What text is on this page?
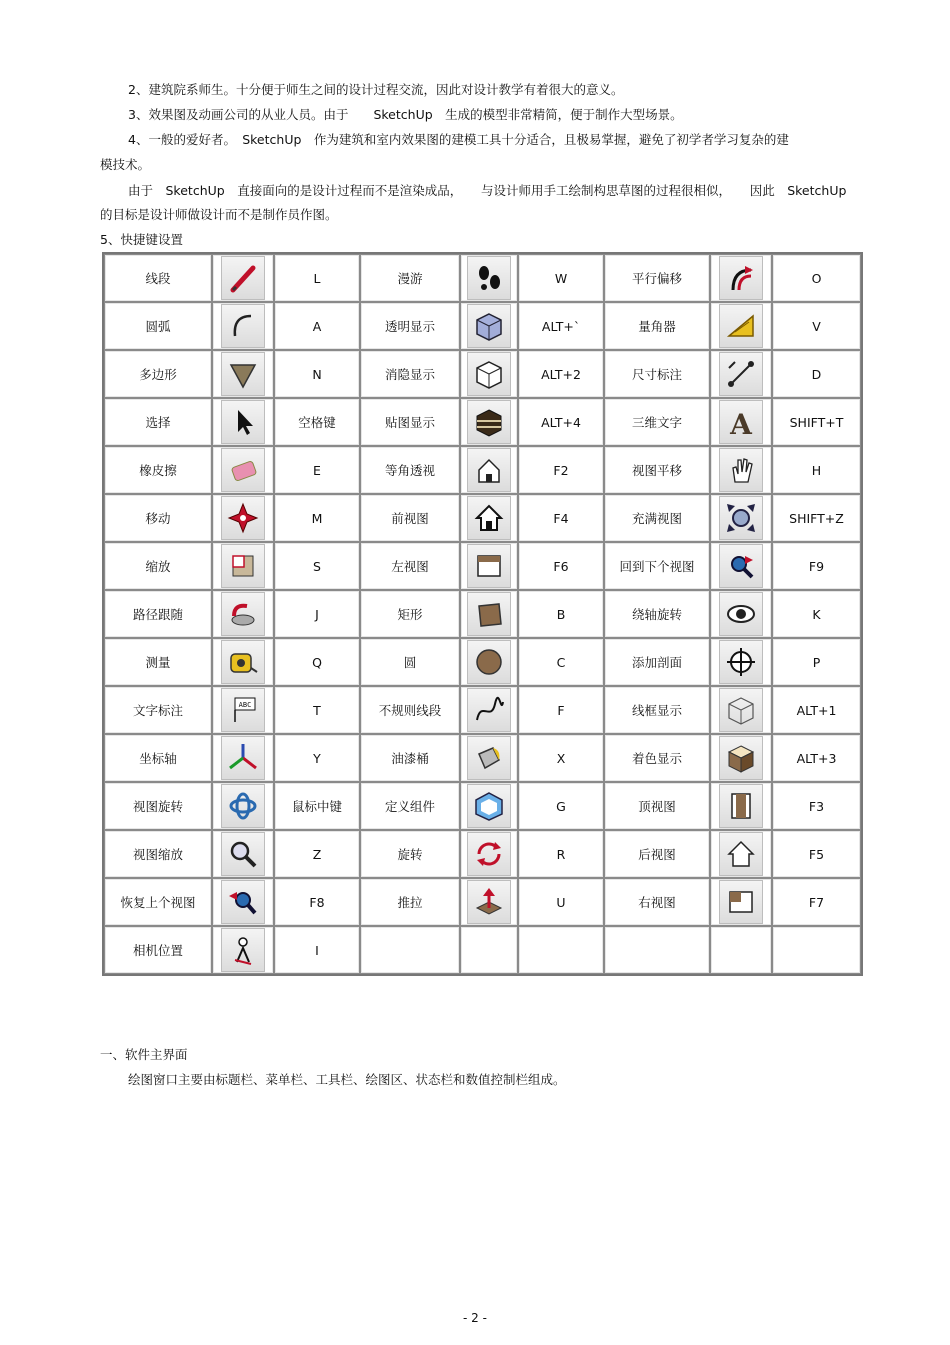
2、建筑院系师生。十分便于师生之间的设计过程交流，因此对设计教学有着很大的意义。
3、效果图及动画公司的从业人员。由于　　SketchUp　生成的模型非常精简，便于制作大型场景。
4、一般的爱好者。　SketchUp　作为建筑和室内效果图的建模工具十分适合，且极易掌握，避免了初学者学习复杂的建
模技术。
由于　SketchUp　直接面向的是设计过程而不是渲染成品，　　与设计师用手工绘制构思草图的过程很相似，　　因此　SketchUp
的目标是设计师做设计而不是制作员作图。
5、快捷键设置
线段		L	漫游		W	平行偏移		O
圆弧		A	透明显示		ALT+`	量角器		V
多边形		N	消隐显示		ALT+2	尺寸标注		D
选择		空格键	贴图显示		ALT+4	三维文字	A	SHIFT+T
橡皮擦		E	等角透视		F2	视图平移		H
移动		M	前视图		F4	充满视图		SHIFT+Z
缩放		S	左视图		F6	回到下个视图		F9
路径跟随		J	矩形		B	绕轴旋转		K
测量		Q	圆		C	添加剖面		P
文字标注	ABC	T	不规则线段		F	线框显示		ALT+1
坐标轴		Y	油漆桶		X	着色显示		ALT+3
视图旋转		鼠标中键	定义组件		G	顶视图		F3
视图缩放		Z	旋转		R	后视图		F5
恢复上个视图		F8	推拉		U	右视图		F7
相机位置		I						
一、软件主界面
绘图窗口主要由标题栏、菜单栏、工具栏、绘图区、状态栏和数值控制栏组成。
- 2 -
